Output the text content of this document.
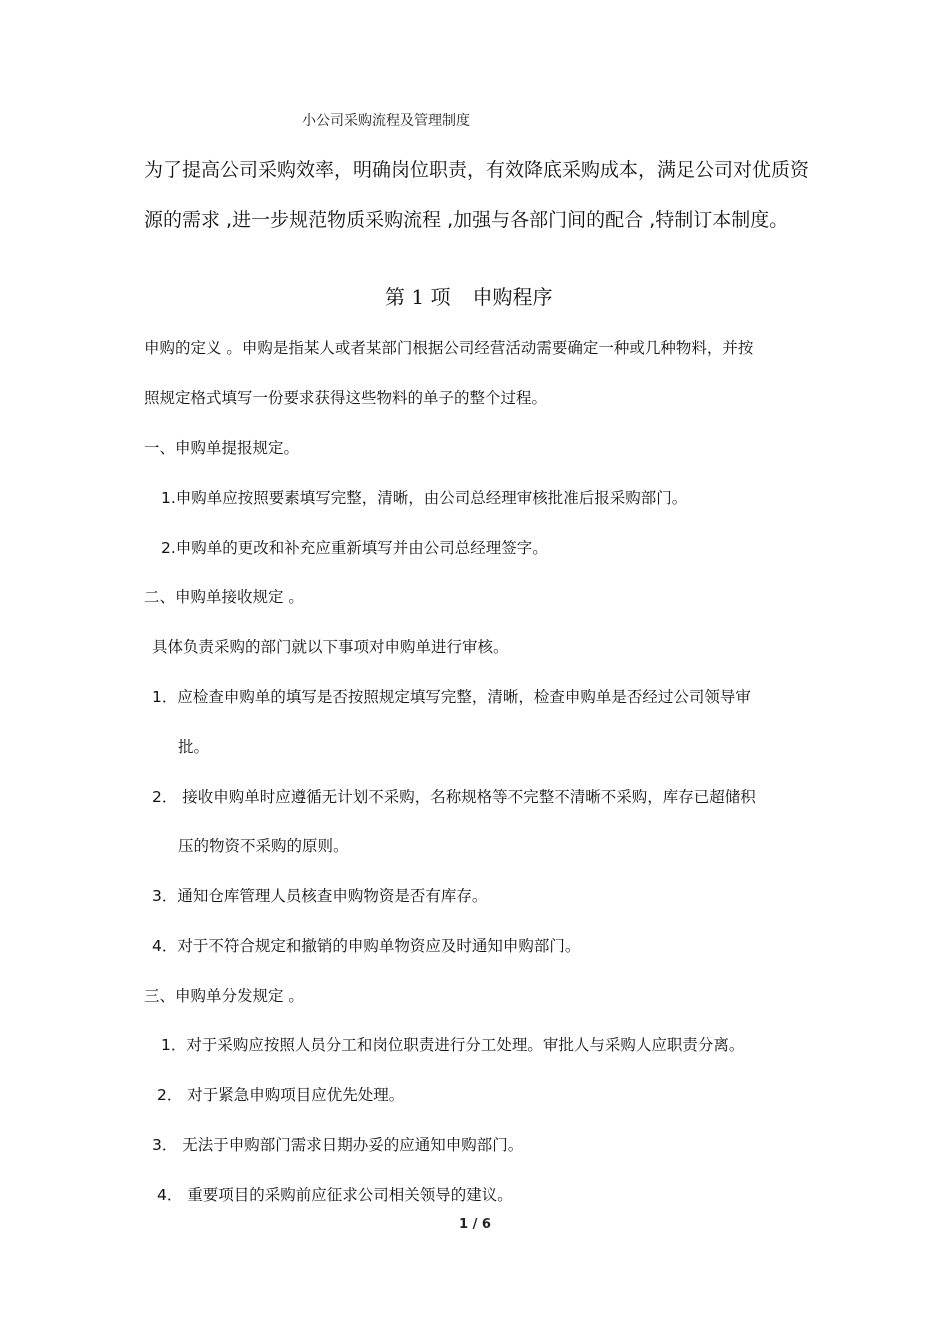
小公司采购流程及管理制度
为了提高公司采购效率，明确岗位职责，有效降底采购成本，满足公司对优质资
源的需求 ,进一步规范物质采购流程 ,加强与各部门间的配合 ,特制订本制度。
第 1 项 申购程序
申购的定义 。申购是指某人或者某部门根据公司经营活动需要确定一种或几种物料，并按
照规定格式填写一份要求获得这些物料的单子的整个过程。
一、申购单提报规定。
1.申购单应按照要素填写完整，清晰，由公司总经理审核批准后报采购部门。
2.申购单的更改和补充应重新填写并由公司总经理签字。
二、申购单接收规定 。
具体负责采购的部门就以下事项对申购单进行审核。
1．应检查申购单的填写是否按照规定填写完整，清晰，检查申购单是否经过公司领导审
批。
2． 接收申购单时应遵循无计划不采购，名称规格等不完整不清晰不采购，库存已超储积
压的物资不采购的原则。
3．通知仓库管理人员核查申购物资是否有库存。
4．对于不符合规定和撤销的申购单物资应及时通知申购部门。
三、申购单分发规定 。
1．对于采购应按照人员分工和岗位职责进行分工处理。审批人与采购人应职责分离。
2． 对于紧急申购项目应优先处理。
3． 无法于申购部门需求日期办妥的应通知申购部门。
4． 重要项目的采购前应征求公司相关领导的建议。
1 / 6
